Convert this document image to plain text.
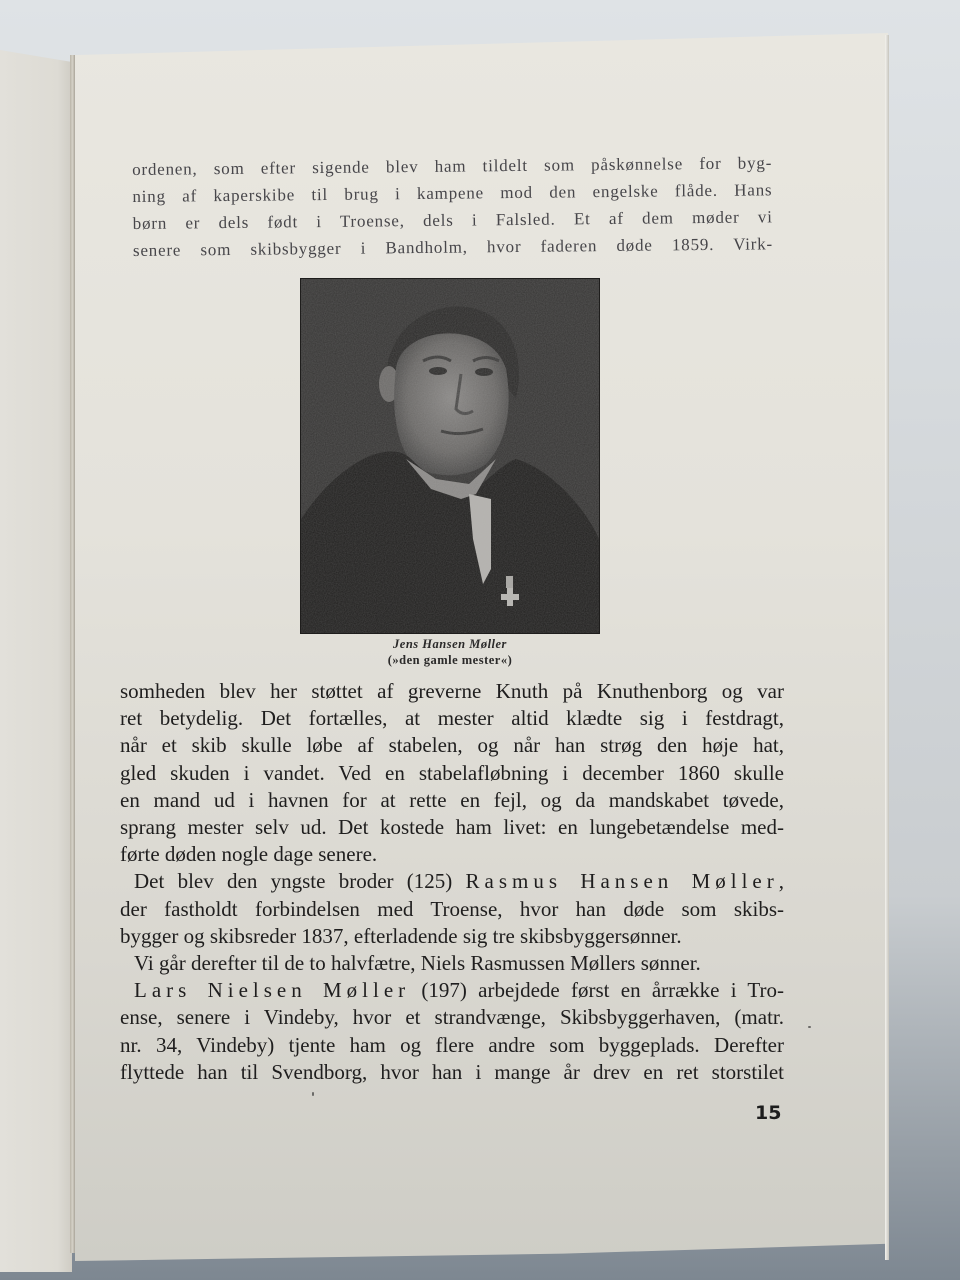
ordenen, som efter sigende blev ham tildelt som påskønnelse for byg-
ning af kaperskibe til brug i kampene mod den engelske flåde. Hans
børn er dels født i Troense, dels i Falsled. Et af dem møder vi
senere som skibsbygger i Bandholm, hvor faderen døde 1859. Virk-
Jens Hansen Møller
(»den gamle mester«)
somheden blev her støttet af greverne Knuth på Knuthenborg og var
ret betydelig. Det fortælles, at mester altid klædte sig i festdragt,
når et skib skulle løbe af stabelen, og når han strøg den høje hat,
gled skuden i vandet. Ved en stabelafløbning i december 1860 skulle
en mand ud i havnen for at rette en fejl, og da mandskabet tøvede,
sprang mester selv ud. Det kostede ham livet: en lungebetændelse med-
førte døden nogle dage senere.
Det blev den yngste broder (125) Rasmus Hansen Møller,
der fastholdt forbindelsen med Troense, hvor han døde som skibs-
bygger og skibsreder 1837, efterladende sig tre skibsbyggersønner.
Vi går derefter til de to halvfætre, Niels Rasmussen Møllers sønner.
Lars Nielsen Møller (197) arbejdede først en årrække i Tro-
ense, senere i Vindeby, hvor et strandvænge, Skibsbyggerhaven, (matr.
nr. 34, Vindeby) tjente ham og flere andre som byggeplads. Derefter
flyttede han til Svendborg, hvor han i mange år drev en ret storstilet
15
